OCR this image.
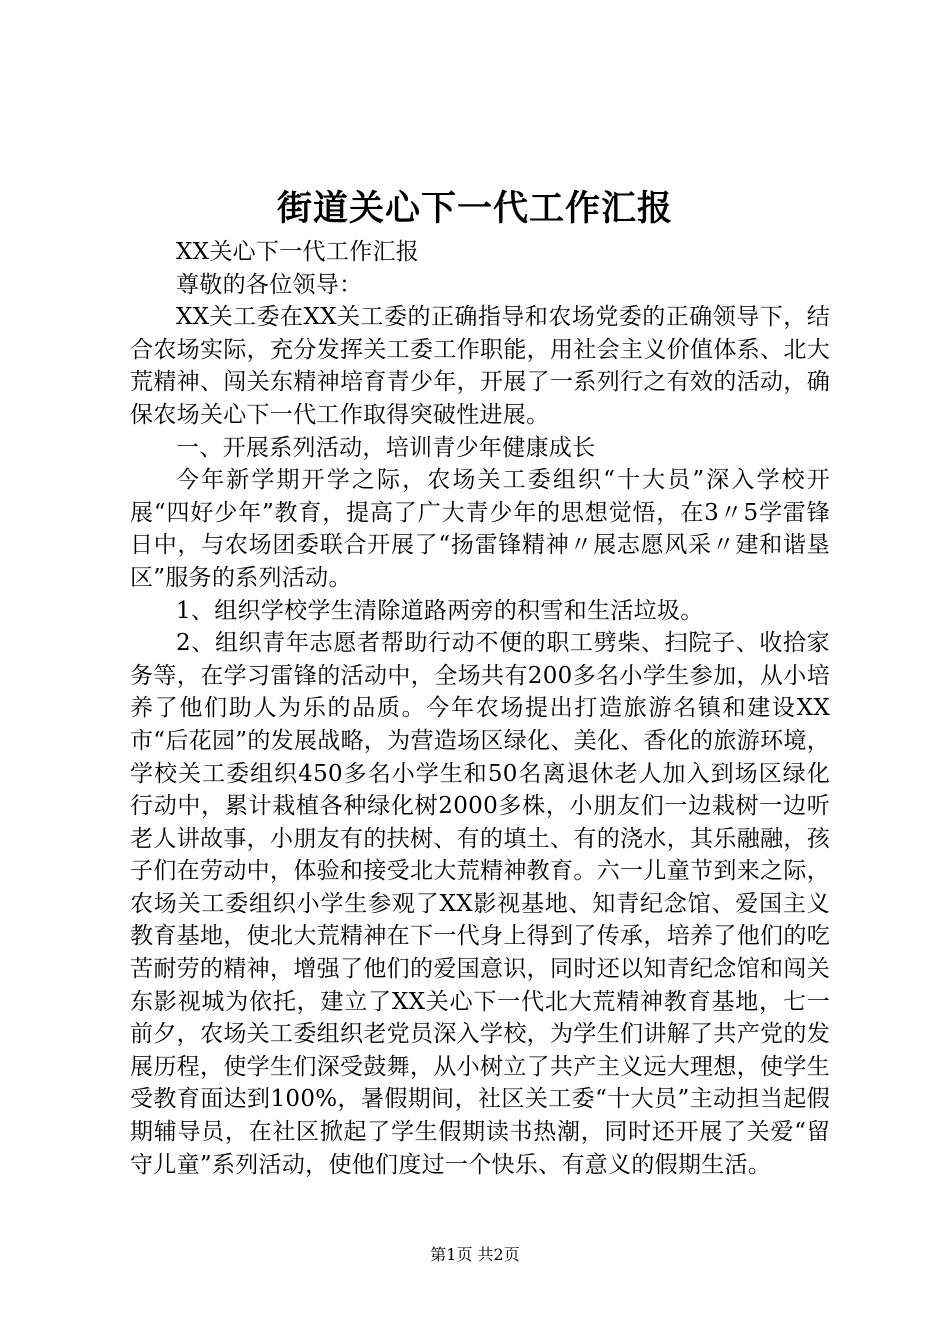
街道关心下一代工作汇报

XX关心下一代工作汇报

尊敬的各位领导：

XX关工委在XX关工委的正确指导和农场党委的正确领导下，结合农场实际，充分发挥关工委工作职能，用社会主义价值体系、北大荒精神、闯关东精神培育青少年，开展了一系列行之有效的活动，确保农场关心下一代工作取得突破性进展。

一、开展系列活动，培训青少年健康成长

今年新学期开学之际，农场关工委组织“十大员”深入学校开展“四好少年”教育，提高了广大青少年的思想觉悟，在3〃5学雷锋日中，与农场团委联合开展了“扬雷锋精神〃展志愿风采〃建和谐垦区”服务的系列活动。

1、组织学校学生清除道路两旁的积雪和生活垃圾。

2、组织青年志愿者帮助行动不便的职工劈柴、扫院子、收拾家务等，在学习雷锋的活动中，全场共有200多名小学生参加，从小培养了他们助人为乐的品质。今年农场提出打造旅游名镇和建设XX市“后花园”的发展战略，为营造场区绿化、美化、香化的旅游环境，学校关工委组织450多名小学生和50名离退休老人加入到场区绿化行动中，累计栽植各种绿化树2000多株，小朋友们一边栽树一边听老人讲故事，小朋友有的扶树、有的填土、有的浇水，其乐融融，孩子们在劳动中，体验和接受北大荒精神教育。六一儿童节到来之际，农场关工委组织小学生参观了XX影视基地、知青纪念馆、爱国主义教育基地，使北大荒精神在下一代身上得到了传承，培养了他们的吃苦耐劳的精神，增强了他们的爱国意识，同时还以知青纪念馆和闯关东影视城为依托，建立了XX关心下一代北大荒精神教育基地，七一前夕，农场关工委组织老党员深入学校，为学生们讲解了共产党的发展历程，使学生们深受鼓舞，从小树立了共产主义远大理想，使学生受教育面达到100%，暑假期间，社区关工委“十大员”主动担当起假期辅导员，在社区掀起了学生假期读书热潮，同时还开展了关爱“留守儿童”系列活动，使他们度过一个快乐、有意义的假期生活。

第1页 共2页
